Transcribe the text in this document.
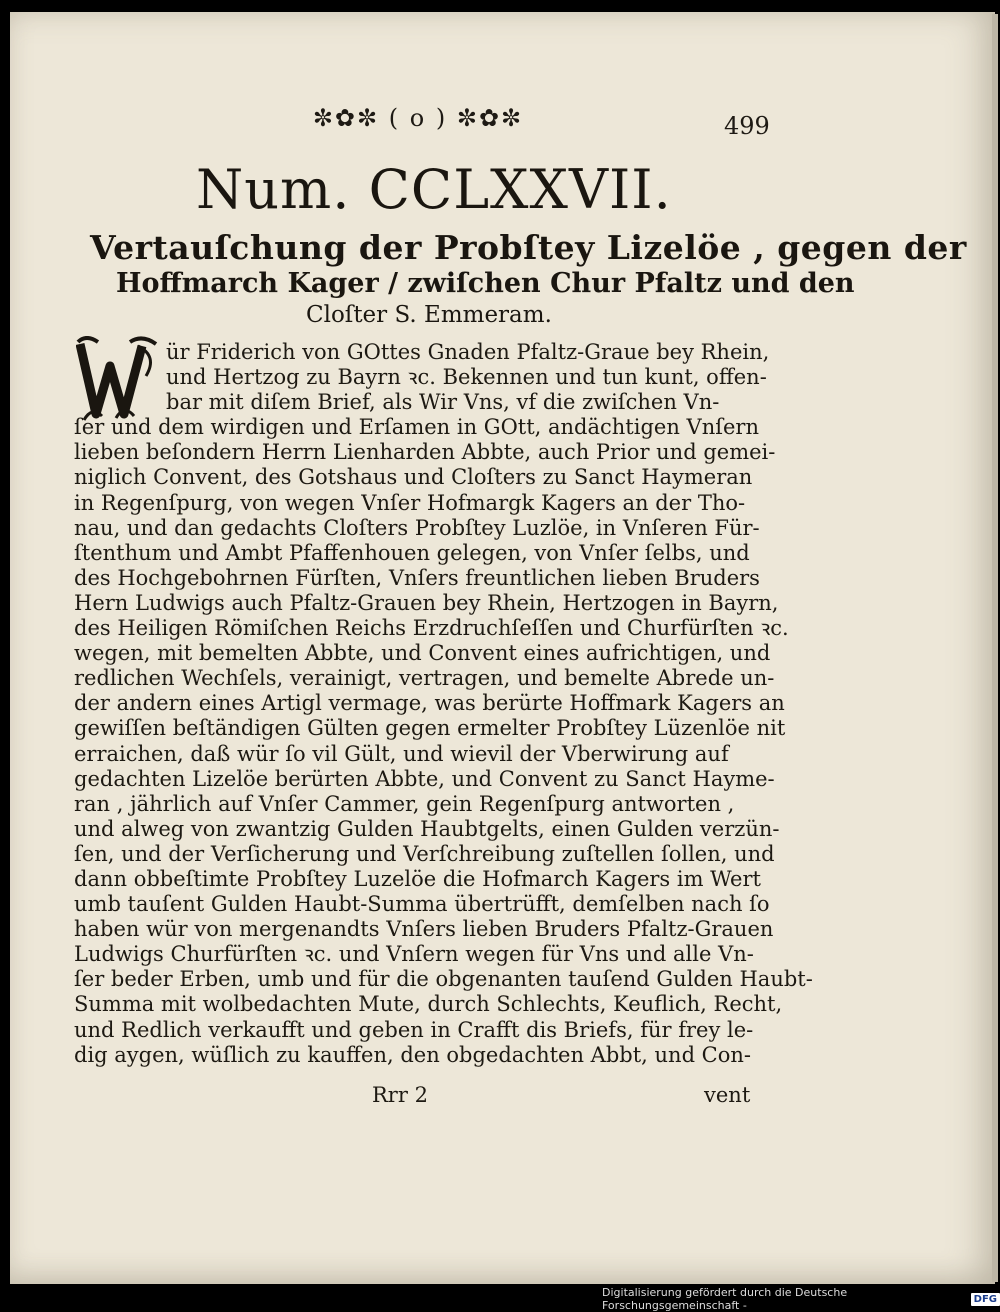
✼✿✼ ( o ) ✼✿✼	499
Num. CCLXXVII.
Vertauſchung der Probſtey Lizelöe , gegen der
Hoffmarch Kager / zwiſchen Chur Pfaltz und den
Cloſter S. Emmeram.
ür Friderich von GOttes Gnaden Pfaltz-Graue bey Rhein,
und Hertzog zu Bayrn ꝛc. Bekennen und tun kunt, offen-
bar mit diſem Brief, als Wir Vns, vf die zwiſchen Vn-
ſer und dem wirdigen und Erſamen in GOtt, andächtigen Vnſern
lieben beſondern Herrn Lienharden Abbte, auch Prior und gemei-
niglich Convent, des Gotshaus und Cloſters zu Sanct Haymeran
in Regenſpurg, von wegen Vnſer Hofmargk Kagers an der Tho-
nau, und dan gedachts Cloſters Probſtey Luzlöe, in Vnſeren Für-
ſtenthum und Ambt Pfaffenhouen gelegen, von Vnſer ſelbs, und
des Hochgebohrnen Fürſten, Vnſers freuntlichen lieben Bruders
Hern Ludwigs auch Pfaltz-Grauen bey Rhein, Hertzogen in Bayrn,
des Heiligen Römiſchen Reichs Erzdruchſeſſen und Churfürſten ꝛc.
wegen, mit bemelten Abbte, und Convent eines aufrichtigen, und
redlichen Wechſels, verainigt, vertragen, und bemelte Abrede un-
der andern eines Artigl vermage, was berürte Hoffmark Kagers an
gewiſſen beſtändigen Gülten gegen ermelter Probſtey Lüzenlöe nit
erraichen, daß wür ſo vil Gült, und wievil der Vberwirung auf
gedachten Lizelöe berürten Abbte, und Convent zu Sanct Hayme-
ran , jährlich auf Vnſer Cammer, gein Regenſpurg antworten ,
und alweg von zwantzig Gulden Haubtgelts, einen Gulden verzün-
ſen, und der Verſicherung und Verſchreibung zuſtellen ſollen, und
dann obbeſtimte Probſtey Luzelöe die Hofmarch Kagers im Wert
umb tauſent Gulden Haubt-Summa übertrüfft, demſelben nach ſo
haben wür von mergenandts Vnſers lieben Bruders Pfaltz-Grauen
Ludwigs Churfürſten ꝛc. und Vnſern wegen für Vns und alle Vn-
ſer beder Erben, umb und für die obgenanten tauſend Gulden Haubt-
Summa mit wolbedachten Mute, durch Schlechts, Keuflich, Recht,
und Redlich verkaufft und geben in Crafft dis Briefs, für frey le-
dig aygen, wüſlich zu kauffen, den obgedachten Abbt, und Con-
Rrr 2	vent
Digitalisierung gefördert durch die Deutsche Forschungsgemeinschaft -	DFG
